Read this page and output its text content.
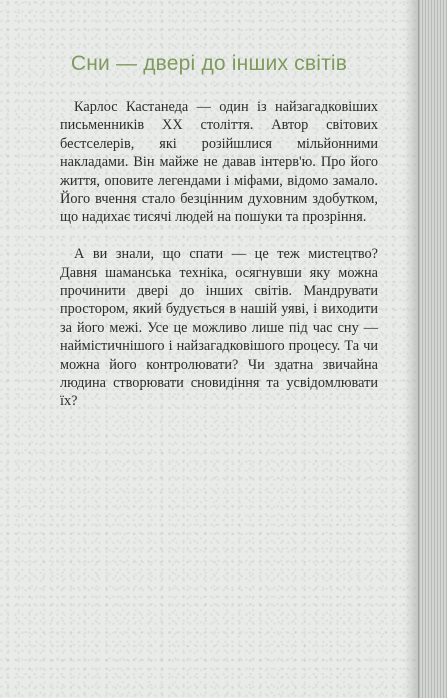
Сни — двері до інших світів

Карлос Кастанеда — один із найзагадковіших письменників XX століття. Автор світових бестселерів, які розійшлися мільйонними накладами. Він майже не давав інтерв'ю. Про його життя, оповите легендами і міфами, відомо замало. Його вчення стало безцінним духовним здобутком, що надихає тисячі людей на пошуки та прозріння.

А ви знали, що спати — це теж мистецтво? Давня шаманська техніка, осягнувши яку можна прочинити двері до інших світів. Мандрувати простором, який будується в нашій уяві, і виходити за його межі. Усе це можливо лише під час сну — наймістичнішого і найзагадковішого процесу. Та чи можна його контролювати? Чи здатна звичайна людина створювати сновидіння та усвідомлювати їх?
